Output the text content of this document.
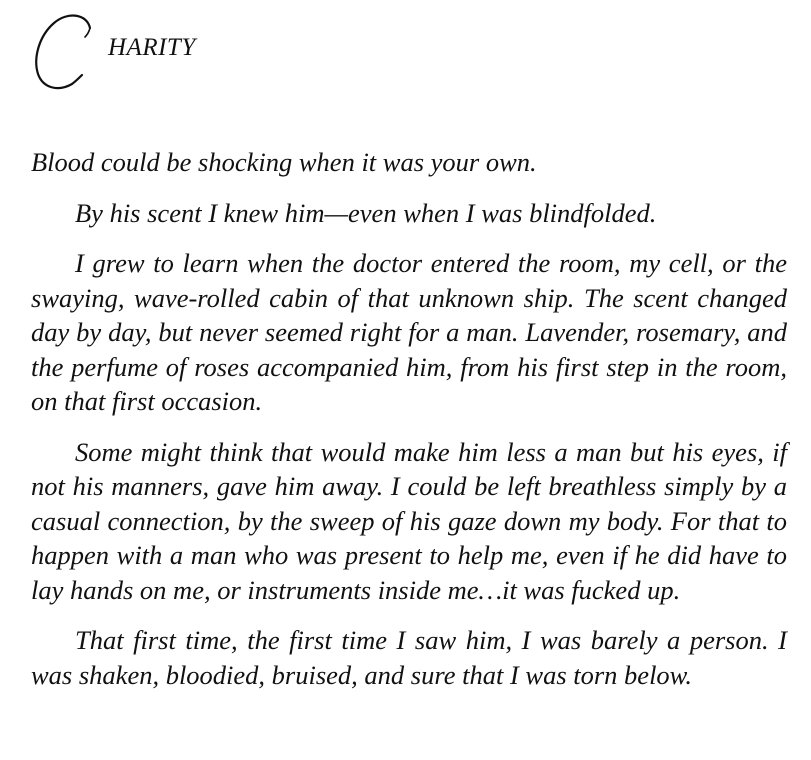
HARITY

Blood could be shocking when it was your own.

By his scent I knew him—even when I was blindfolded.

I grew to learn when the doctor entered the room, my cell, or the swaying, wave-rolled cabin of that unknown ship. The scent changed day by day, but never seemed right for a man. Lavender, rosemary, and the perfume of roses accompanied him, from his first step in the room, on that first occasion.

Some might think that would make him less a man but his eyes, if not his manners, gave him away. I could be left breathless simply by a casual connection, by the sweep of his gaze down my body. For that to happen with a man who was present to help me, even if he did have to lay hands on me, or instruments inside me…it was fucked up.

That first time, the first time I saw him, I was barely a person. I was shaken, bloodied, bruised, and sure that I was torn below.
